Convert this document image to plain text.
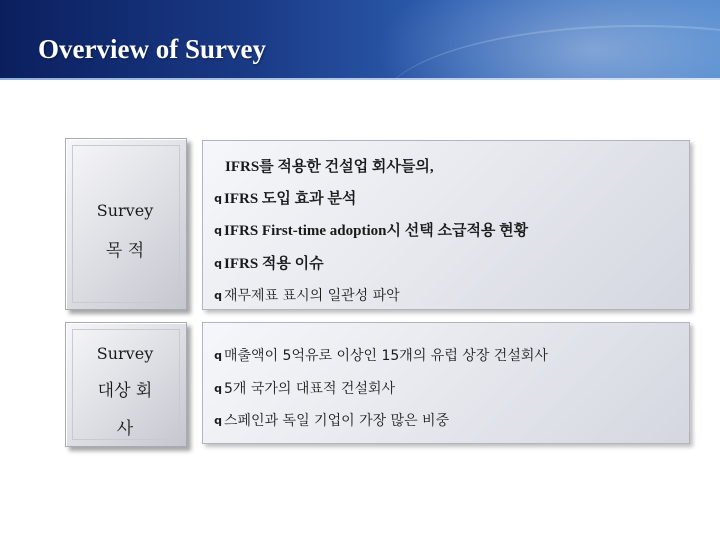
Overview of Survey
Survey
목 적
IFRS를 적용한 건설업 회사들의,
q IFRS 도입 효과 분석
q IFRS First-time adoption시 선택 소급적용 현황
q IFRS 적용 이슈
q 재무제표 표시의 일관성 파악
Survey
대상 회
사
q 매출액이 5억유로 이상인 15개의 유럽 상장 건설회사
q 5개 국가의 대표적 건설회사
q 스페인과 독일 기업이 가장 많은 비중
